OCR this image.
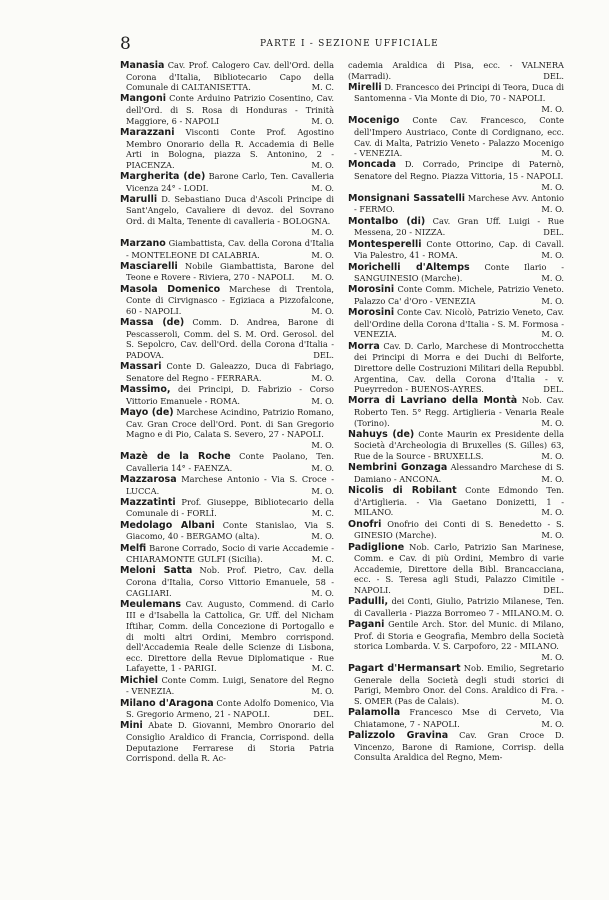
8	PARTE I - SEZIONE UFFICIALE
Manasia Cav. Prof. Calogero Cav. dell'Ord. della Corona d'Italia, Bibliotecario Capo della Comunale di CALTANISETTA.	M. C.
Mangoni Conte Arduino Patrizio Cosentino, Cav. dell'Ord. di S. Rosa di Honduras - Trinità Maggiore, 6 - NAPOLI	M. O.
Marazzani Visconti Conte Prof. Agostino Membro Onorario della R. Accademia di Belle Arti in Bologna, piazza S. Antonino, 2 - PIACENZA.	M. O.
Margherita (de) Barone Carlo, Ten. Cavalleria Vicenza 24° - LODI.	M. O.
Marulli D. Sebastiano Duca d'Ascoli Principe di Sant'Angelo, Cavaliere di devoz. del Sovrano Ord. di Malta, Tenente di cavalleria - BOLOGNA.
M. O.
Marzano Giambattista, Cav. della Corona d'Italia - MONTELEONE DI CALABRIA.	M. O.
Masciarelli Nobile Giambattista, Barone del Teone e Rovere - Riviera, 270 - NAPOLI. M. O.
Masola Domenico Marchese di Trentola, Conte di Cirvignasco - Egiziaca a Pizzofalcone, 60 - NAPOLI.	M. O.
Massa (de) Comm. D. Andrea, Barone di Pescasseroli, Comm. del S. M. Ord. Gerosol. del S. Sepolcro, Cav. dell'Ord. della Corona d'Italia - PADOVA.	DEL.
Massari Conte D. Galeazzo, Duca di Fabriago, Senatore del Regno - FERRARA.	M. O.
Massimo, dei Principi, D. Fabrizio - Corso Vittorio Emanuele - ROMA.	M. O.
Mayo (de) Marchese Acindino, Patrizio Romano, Cav. Gran Croce dell'Ord. Pont. di San Gregorio Magno e di Pio, Calata S. Severo, 27 - NAPOLI.
M. O.
Mazè de la Roche Conte Paolano, Ten. Cavalleria 14° - FAENZA.	M. O.
Mazzarosa Marchese Antonio - Via S. Croce - LUCCA.	M. O.
Mazzatinti Prof. Giuseppe, Bibliotecario della Comunale di - FORLÌ.	M. C.
Medolago Albani Conte Stanislao, Via S. Giacomo, 40 - BERGAMO (alta).	M. O.
Melfi Barone Corrado, Socio di varie Accademie - CHIARAMONTE GULFI (Sicilia).	M. C.
Meloni Satta Nob. Prof. Pietro, Cav. della Corona d'Italia, Corso Vittorio Emanuele, 58 - CAGLIARI.	M. O.
Meulemans Cav. Augusto, Commend. di Carlo III e d'Isabella la Cattolica, Gr. Uff. del Nicham Iftihar, Comm. della Concezione di Portogallo e di molti altri Ordini, Membro corrispond. dell'Accademia Reale delle Scienze di Lisbona, ecc. Direttore della Revue Diplomatique - Rue Lafayette, 1 - PARIGI.	M. C.
Michiel Conte Comm. Luigi, Senatore del Regno - VENEZIA.	M. O.
Milano d'Aragona Conte Adolfo Domenico, Via S. Gregorio Armeno, 21 - NAPOLI.	DEL.
Mini Abate D. Giovanni, Membro Onorario del Consiglio Araldico di Francia, Corrispond. della Deputazione Ferrarese di Storia Patria Corrispond. della R. Ac-
cademia Araldica di Pisa, ecc. - VALNERA (Marradi).	DEL.
Mirelli D. Francesco dei Principi di Teora, Duca di Santomenna - Via Monte di Dio, 70 - NAPOLI.
M. O.
Mocenigo Conte Cav. Francesco, Conte dell'Impero Austriaco, Conte di Cordignano, ecc. Cav. di Malta, Patrizio Veneto - Palazzo Mocenigo - VENEZIA.	M. O.
Moncada D. Corrado, Principe di Paternò, Senatore del Regno. Piazza Vittoria, 15 - NAPOLI.
M. O.
Monsignani Sassatelli Marchese Avv. Antonio - FERMO.	M. O.
Montalbo (di) Cav. Gran Uff. Luigi - Rue Messena, 20 - NIZZA.	DEL.
Montesperelli Conte Ottorino, Cap. di Cavall. Via Palestro, 41 - ROMA.	M. O.
Morichelli d'Altemps Conte Ilario - SANGUINESIO (Marche).	M. O.
Morosini Conte Comm. Michele, Patrizio Veneto. Palazzo Ca' d'Oro - VENEZIA	M. O.
Morosini Conte Cav. Nicolò, Patrizio Veneto, Cav. dell'Ordine della Corona d'Italia - S. M. Formosa - VENEZIA.	M. O.
Morra Cav. D. Carlo, Marchese di Montrocchetta dei Principi di Morra e dei Duchi di Belforte, Direttore delle Costruzioni Militari della Repubbl. Argentina, Cav. della Corona d'Italia - v. Pueyrredon - BUENOS-AYRES.	DEL.
Morra di Lavriano della Montà Nob. Cav. Roberto Ten. 5° Regg. Artiglieria - Venaria Reale (Torino).	M. O.
Nahuys (de) Conte Maurin ex Presidente della Società d'Archeologia di Bruxelles (S. Gilles) 63, Rue de la Source - BRUXELLS.	M. O.
Nembrini Gonzaga Alessandro Marchese di S. Damiano - ANCONA.	M. O.
Nicolis di Robilant Conte Edmondo Ten. d'Artiglieria. - Via Gaetano Donizetti, 1 - MILANO.	M. O.
Onofri Onofrio dei Conti di S. Benedetto - S. GINESIO (Marche).	M. O.
Padiglione Nob. Carlo, Patrizio San Marinese, Comm. e Cav. di più Ordini, Membro di varie Accademie, Direttore della Bibl. Brancacciana, ecc. - S. Teresa agli Studi, Palazzo Cimitile - NAPOLI.	DEL.
Padulli, dei Conti, Giulio, Patrizio Milanese, Ten. di Cavalleria - Piazza Borromeo 7 - MILANO. M. O.
Pagani Gentile Arch. Stor. del Munic. di Milano, Prof. di Storia e Geografia, Membro della Società storica Lombarda. V. S. Carpoforo, 22 - MILANO.
M. O.
Pagart d'Hermansart Nob. Emilio, Segretario Generale della Società degli studi storici di Parigi, Membro Onor. del Cons. Araldico di Fra. - S. OMER (Pas de Calais).	M. O.
Palamolla Francesco Mse di Cerveto, Via Chiatamone, 7 - NAPOLI.	M. O.
Palizzolo Gravina Cav. Gran Croce D. Vincenzo, Barone di Ramione, Corrisp. della Consulta Araldica del Regno, Mem-
